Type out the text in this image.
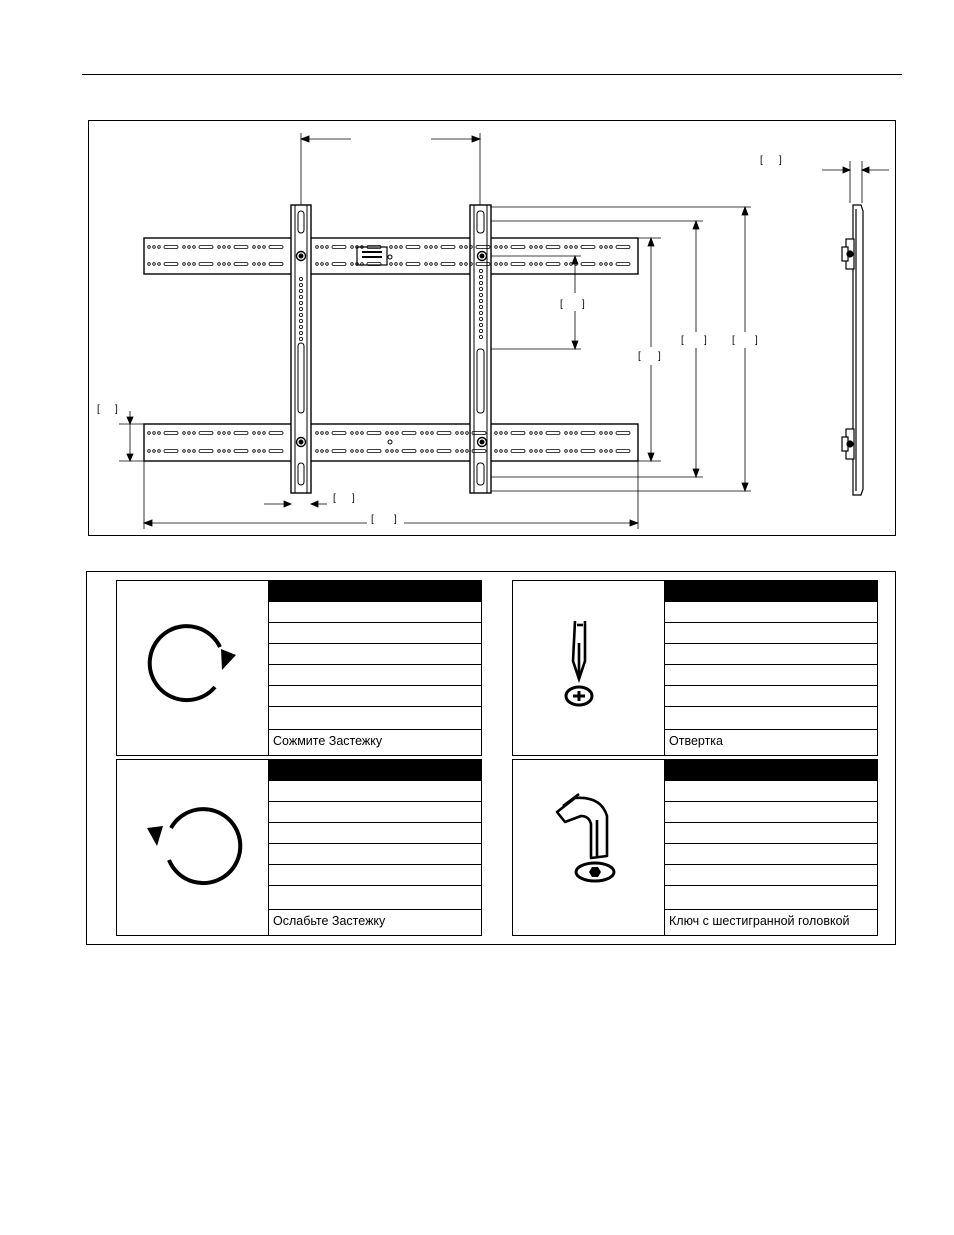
[ ]
[ ]
[ ]
[ ]
[ ]
[ ]	[ ]
[ ]
Сожмите Застежку	Отвертка
Ослабьте Застежку	Ключ с шестигранной головкой
